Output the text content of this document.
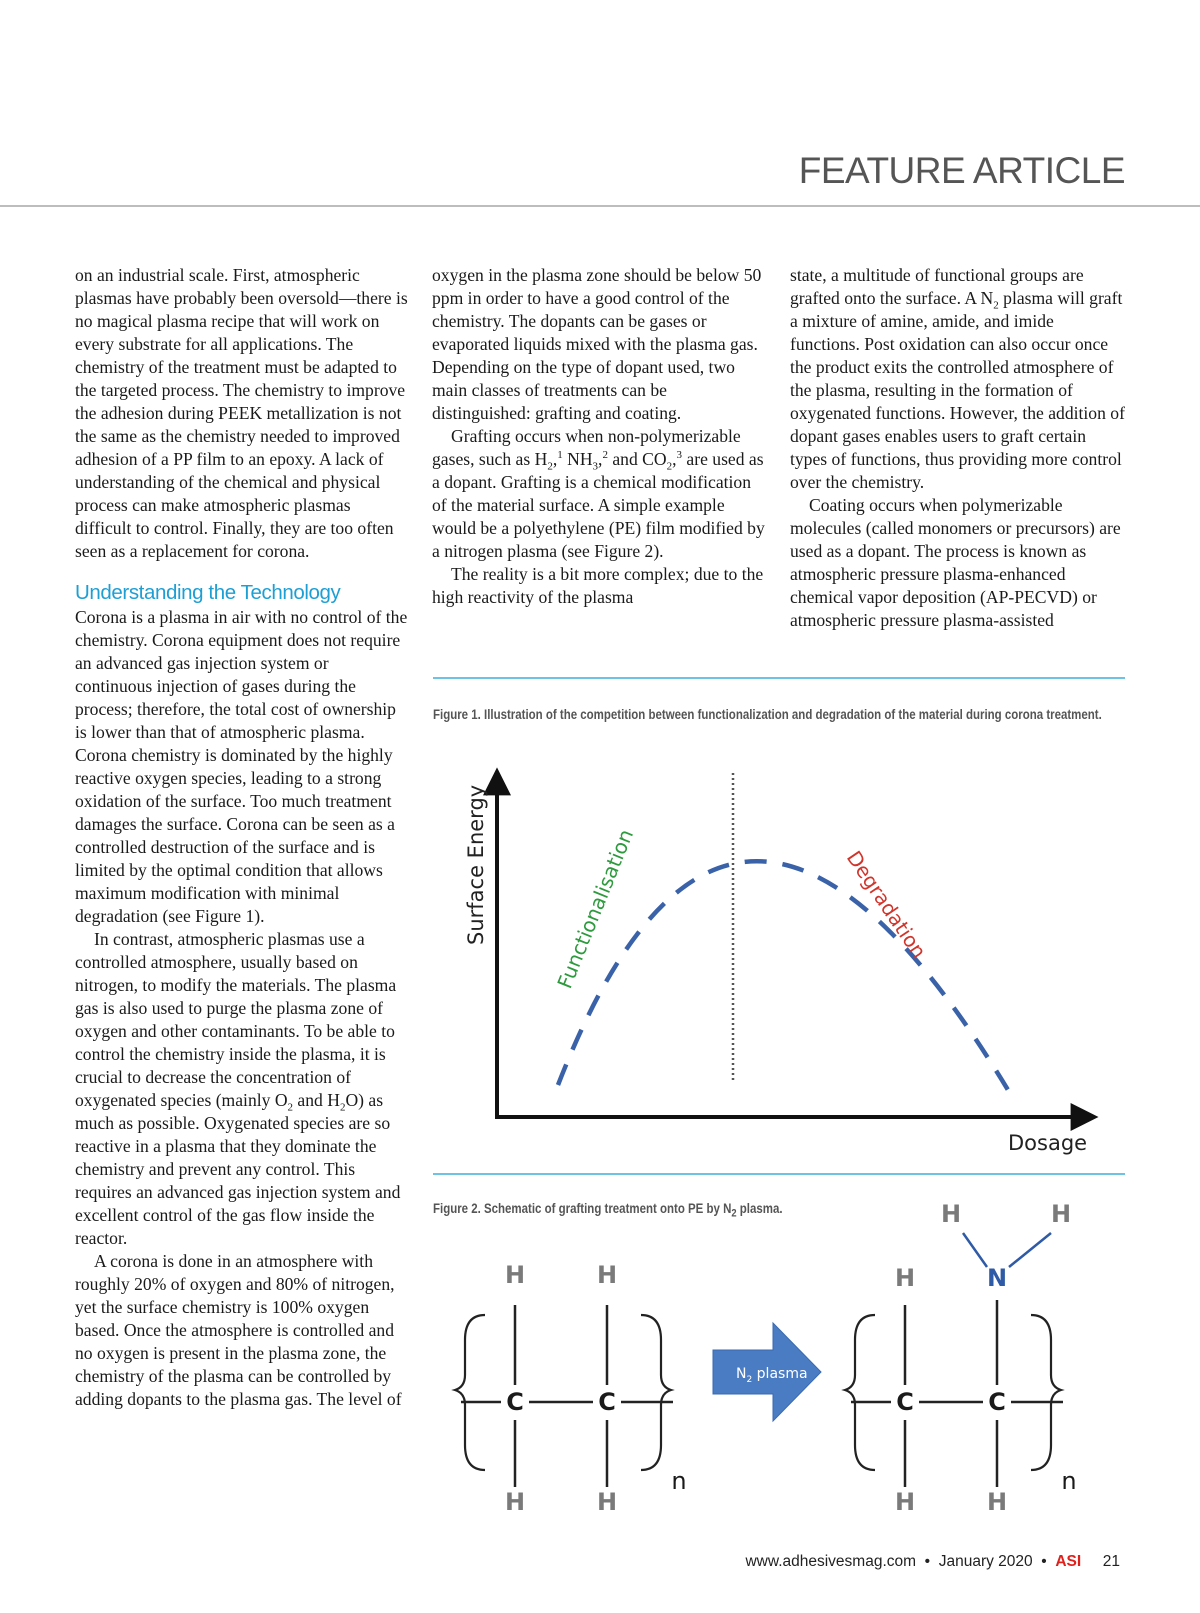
FEATURE ARTICLE

on an industrial scale. First, atmospheric plasmas have probably been oversold—there is no magical plasma recipe that will work on every substrate for all applications. The chemistry of the treatment must be adapted to the targeted process. The chemistry to improve the adhesion during PEEK metallization is not the same as the chemistry needed to improved adhesion of a PP film to an epoxy. A lack of understanding of the chemical and physical process can make atmospheric plasmas difficult to control. Finally, they are too often seen as a replacement for corona.

Understanding the Technology

Corona is a plasma in air with no control of the chemistry. Corona equipment does not require an advanced gas injection system or continuous injection of gases during the process; therefore, the total cost of ownership is lower than that of atmospheric plasma. Corona chemistry is dominated by the highly reactive oxygen species, leading to a strong oxidation of the surface. Too much treatment damages the surface. Corona can be seen as a controlled destruction of the surface and is limited by the optimal condition that allows maximum modification with minimal degradation (see Figure 1).

In contrast, atmospheric plasmas use a controlled atmosphere, usually based on nitrogen, to modify the materials. The plasma gas is also used to purge the plasma zone of oxygen and other contaminants. To be able to control the chemistry inside the plasma, it is crucial to decrease the concentration of oxygenated species (mainly $O_2$ and $H_2O$) as much as possible. Oxygenated species are so reactive in a plasma that they dominate the chemistry and prevent any control. This requires an advanced gas injection system and excellent control of the gas flow inside the reactor.

A corona is done in an atmosphere with roughly 20% of oxygen and 80% of nitrogen, yet the surface chemistry is 100% oxygen based. Once the atmosphere is controlled and no oxygen is present in the plasma zone, the chemistry of the plasma can be controlled by adding dopants to the plasma gas. The level of

oxygen in the plasma zone should be below 50 ppm in order to have a good control of the chemistry. The dopants can be gases or evaporated liquids mixed with the plasma gas. Depending on the type of dopant used, two main classes of treatments can be distinguished: grafting and coating.

Grafting occurs when non-polymerizable gases, such as $H_2,^1$ $NH_3,^2$ and $CO_2,^3$ are used as a dopant. Grafting is a chemical modification of the material surface. A simple example would be a polyethylene (PE) film modified by a nitrogen plasma (see Figure 2).

The reality is a bit more complex; due to the high reactivity of the plasma

state, a multitude of functional groups are grafted onto the surface. A $N_2$ plasma will graft a mixture of amine, amide, and imide functions. Post oxidation can also occur once the product exits the controlled atmosphere of the plasma, resulting in the formation of oxygenated functions. However, the addition of dopant gases enables users to graft certain types of functions, thus providing more control over the chemistry.

Coating occurs when polymerizable molecules (called monomers or precursors) are used as a dopant. The process is known as atmospheric pressure plasma-enhanced chemical vapor deposition (AP-PECVD) or atmospheric pressure plasma-assisted

Figure 1. Illustration of the competition between functionalization and degradation of the material during corona treatment.
Surface Energy
Dosage
Functionalisation	Degradation
Figure 2. Schematic of grafting treatment onto PE by $N_2$ plasma.
C	C
H	H
H	H
n
$N_2$ plasma
C	C
N
H
H	H
H	H
n
www.adhesivesmag.com • January 2020 • ASI 21
